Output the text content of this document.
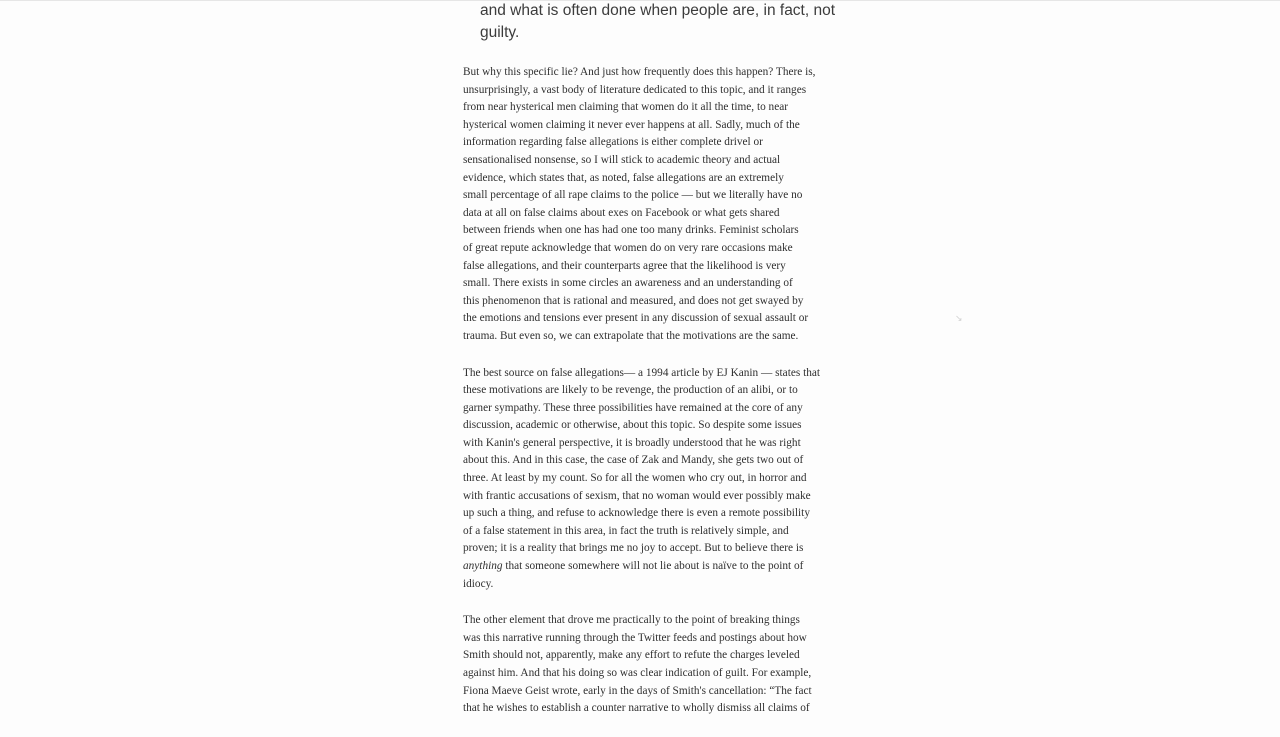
and what is often done when people are, in fact, not
guilty.

But why this specific lie? And just how frequently does this happen? There is,
unsurprisingly, a vast body of literature dedicated to this topic, and it ranges
from near hysterical men claiming that women do it all the time, to near
hysterical women claiming it never ever happens at all. Sadly, much of the
information regarding false allegations is either complete drivel or
sensationalised nonsense, so I will stick to academic theory and actual
evidence, which states that, as noted, false allegations are an extremely
small percentage of all rape claims to the police — but we literally have no
data at all on false claims about exes on Facebook or what gets shared
between friends when one has had one too many drinks. Feminist scholars
of great repute acknowledge that women do on very rare occasions make
false allegations, and their counterparts agree that the likelihood is very
small. There exists in some circles an awareness and an understanding of
this phenomenon that is rational and measured, and does not get swayed by
the emotions and tensions ever present in any discussion of sexual assault or
trauma. But even so, we can extrapolate that the motivations are the same.

The best source on false allegations— a 1994 article by EJ Kanin — states that
these motivations are likely to be revenge, the production of an alibi, or to
garner sympathy. These three possibilities have remained at the core of any
discussion, academic or otherwise, about this topic. So despite some issues
with Kanin's general perspective, it is broadly understood that he was right
about this. And in this case, the case of Zak and Mandy, she gets two out of
three. At least by my count. So for all the women who cry out, in horror and
with frantic accusations of sexism, that no woman would ever possibly make
up such a thing, and refuse to acknowledge there is even a remote possibility
of a false statement in this area, in fact the truth is relatively simple, and
proven; it is a reality that brings me no joy to accept. But to believe there is
anything that someone somewhere will not lie about is naïve to the point of
idiocy.

The other element that drove me practically to the point of breaking things
was this narrative running through the Twitter feeds and postings about how
Smith should not, apparently, make any effort to refute the charges leveled
against him. And that his doing so was clear indication of guilt. For example,
Fiona Maeve Geist wrote, early in the days of Smith's cancellation: “The fact
that he wishes to establish a counter narrative to wholly dismiss all claims of

↘
